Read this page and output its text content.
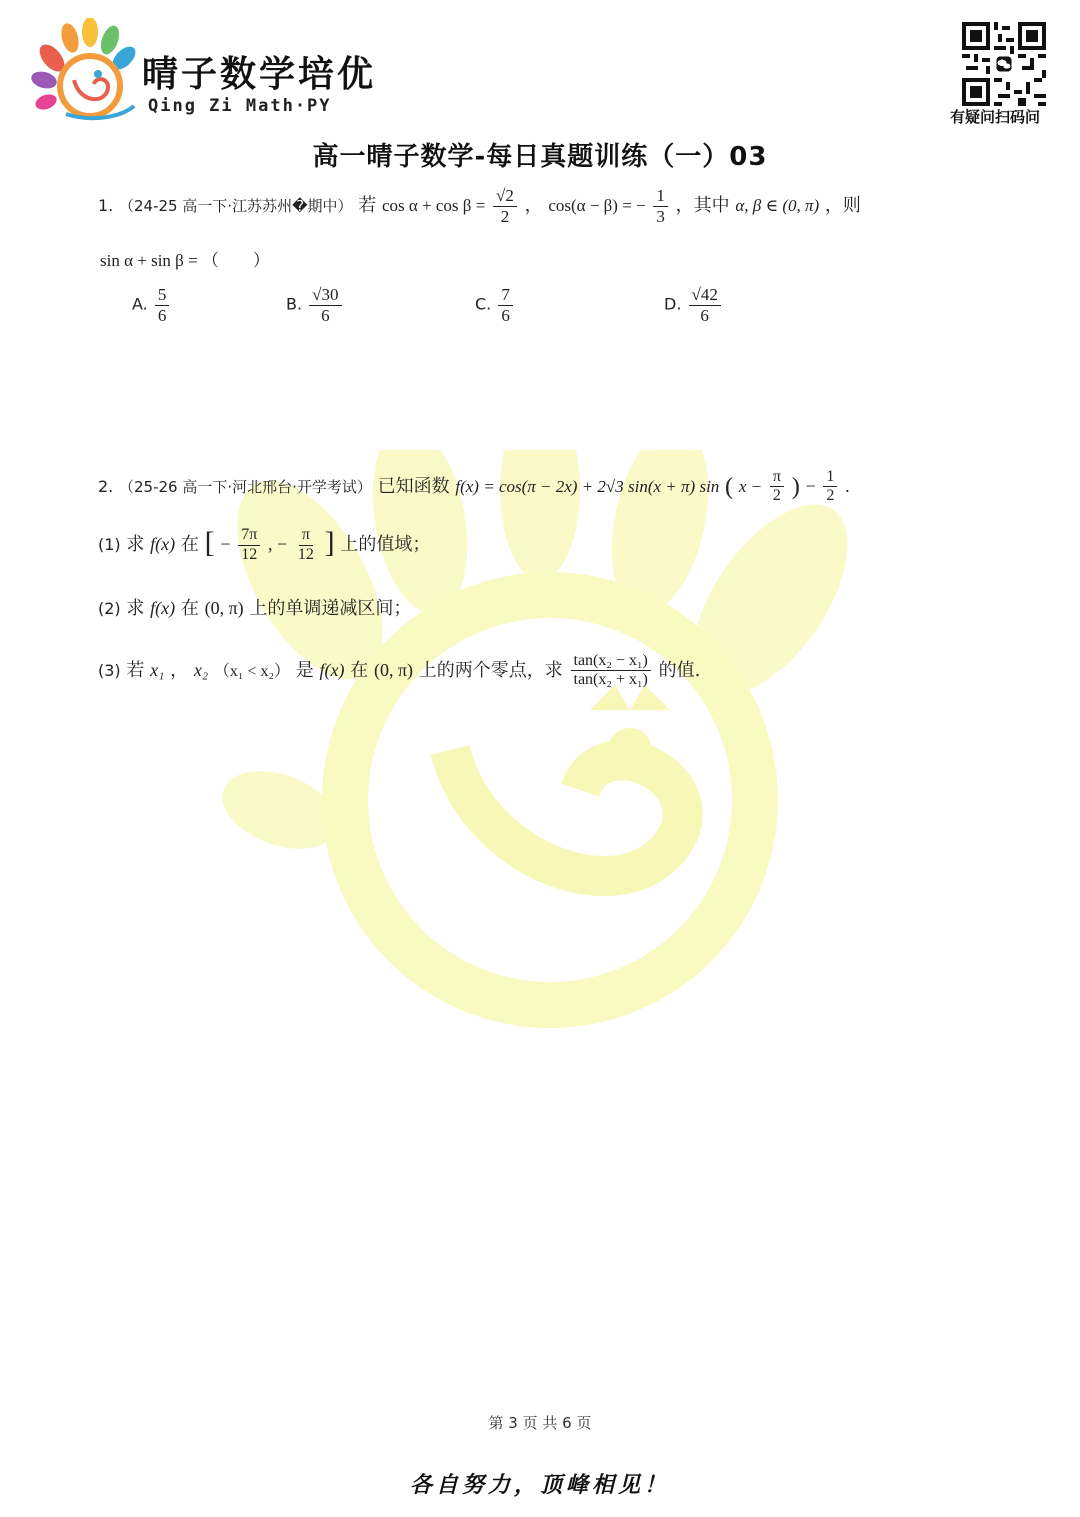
晴子数学培优
Qing Zi Math·PY
有疑问扫码问
高一晴子数学-每日真题训练（一）03
1. （24-25 高一下·江苏苏州�期中） 若 $\cos \alpha + \cos \beta = \frac{√2}{2}$ ， cos(α − β) = − $\frac{1}{3}$ ，其中 α, β ∈ (0, π) ，则
sin α + sin β = （　　）
A. $\frac{5}{6}$	B. $\frac{√30}{6}$	C. $\frac{7}{6}$	D. $\frac{√42}{6}$
2. （25-26 高一下·河北邢台·开学考试） 已知函数 f(x) = cos(π − 2x) + 2√3 sin(x + π) sin ( $x - \frac{\pi}{2}$ ) − $\frac{1}{2}$ .
(1) 求 f(x) 在 [ − $\frac{7\pi}{12}$ , − $\frac{\pi}{12}$ ] 上的值域；
(2) 求 f(x) 在 (0, π) 上的单调递减区间；
(3) 若 x₁ ， x₂ （x₁ < x₂） 是 f(x) 在 (0, π) 上的两个零点，求 $\frac{\text{tan(x₂ − x₁)}}{\text{tan(x₂ + x₁)}}$ 的值.
第 3 页 共 6 页
各自努力，顶峰相见！
